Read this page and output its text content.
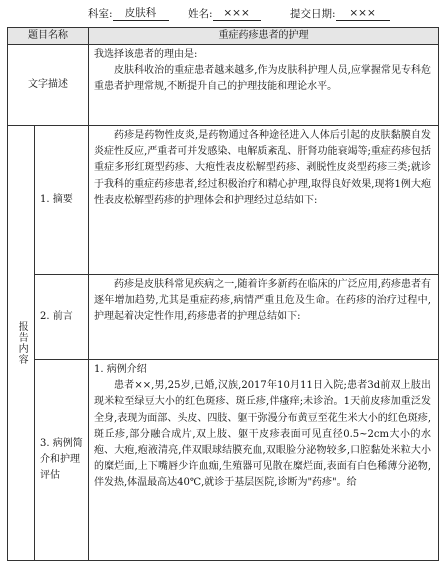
科室:	皮肤科	姓名:	×××	提交日期:	×××
题目名称		重症药疹患者的护理
文字描述		我选择该患者的理由是:

皮肤科收治的重症患者越来越多,作为皮肤科护理人员,应掌握常见专科危重患者护理常规,不断提升自己的护理技能和理论水平。

报告内容	1. 摘要	药疹是药物性皮炎,是药物通过各种途径进入人体后引起的皮肤黏膜自发炎症性反应,严重者可并发感染、电解质紊乱、肝肾功能衰竭等;重症药疹包括重症多形红斑型药疹、大疱性表皮松解型药疹、剥脱性皮炎型药疹三类;就诊于我科的重症药疹患者,经过积极治疗和精心护理,取得良好效果,现将1例大疱性表皮松解型药疹的护理体会和护理经过总结如下:

	2. 前言	药疹是皮肤科常见疾病之一,随着许多新药在临床的广泛应用,药疹患者有逐年增加趋势,尤其是重症药疹,病情严重且危及生命。在药疹的治疗过程中,护理起着决定性作用,药疹患者的护理总结如下:

	3. 病例简介和护理评估	1. 病例介绍

患者××,男,25岁,已婚,汉族,2017年10月11日入院;患者3d前双上肢出现米粒至绿豆大小的红色斑疹、斑丘疹,伴瘙痒;未诊治。1天前皮疹加重泛发全身,表现为面部、头皮、四肢、躯干弥漫分布黄豆至花生米大小的红色斑疹,斑丘疹,部分融合成片,双上肢、躯干皮疹表面可见直径0.5~2cm大小的水疱、大疱,疱液清亮,伴双眼球结膜充血,双眼脸分泌物较多,口腔黏处米粒大小的糜烂面,上下嘴唇少许血痂,生殖器可见散在糜烂面,表面有白色稀薄分泌物,伴发热,体温最高达40℃,就诊于基层医院,诊断为"药疹"。给
